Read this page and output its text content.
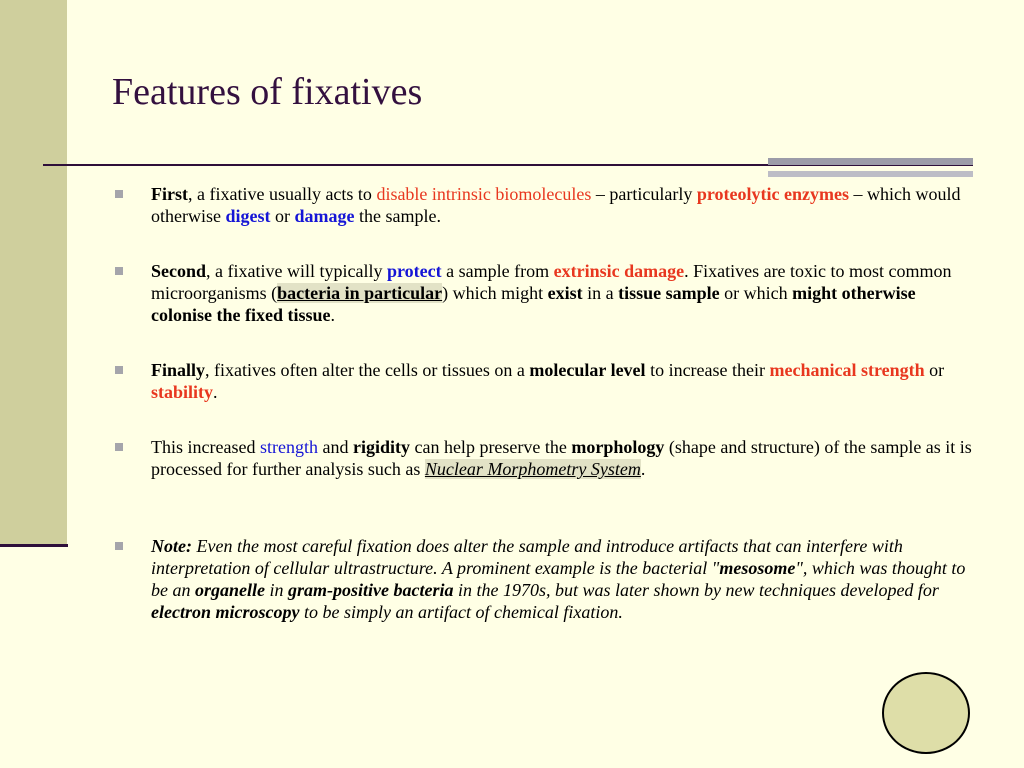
Features of fixatives
First, a fixative usually acts to disable intrinsic biomolecules – particularly proteolytic enzymes – which would otherwise digest or damage the sample.
Second, a fixative will typically protect a sample from extrinsic damage. Fixatives are toxic to most common microorganisms (bacteria in particular) which might exist in a tissue sample or which might otherwise colonise the fixed tissue.
Finally, fixatives often alter the cells or tissues on a molecular level to increase their mechanical strength or stability.
This increased strength and rigidity can help preserve the morphology (shape and structure) of the sample as it is processed for further analysis such as Nuclear Morphometry System.
Note: Even the most careful fixation does alter the sample and introduce artifacts that can interfere with interpretation of cellular ultrastructure. A prominent example is the bacterial "mesosome", which was thought to be an organelle in gram-positive bacteria in the 1970s, but was later shown by new techniques developed for electron microscopy to be simply an artifact of chemical fixation.
